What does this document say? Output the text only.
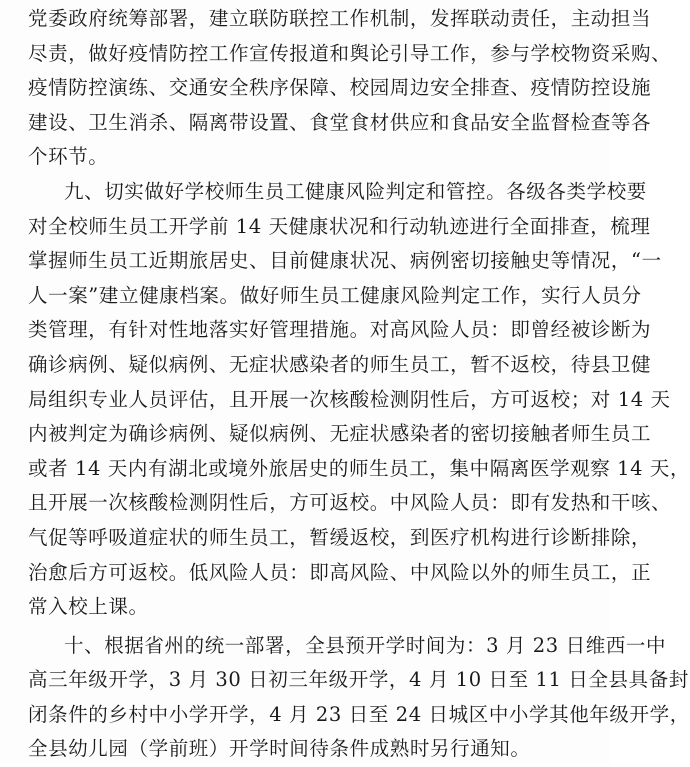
党委政府统筹部署，建立联防联控工作机制，发挥联动责任，主动担当
尽责，做好疫情防控工作宣传报道和舆论引导工作，参与学校物资采购、
疫情防控演练、交通安全秩序保障、校园周边安全排查、疫情防控设施
建设、卫生消杀、隔离带设置、食堂食材供应和食品安全监督检查等各
个环节。
九、切实做好学校师生员工健康风险判定和管控。各级各类学校要
对全校师生员工开学前 14 天健康状况和行动轨迹进行全面排查，梳理
掌握师生员工近期旅居史、目前健康状况、病例密切接触史等情况，“一
人一案”建立健康档案。做好师生员工健康风险判定工作，实行人员分
类管理，有针对性地落实好管理措施。对高风险人员：即曾经被诊断为
确诊病例、疑似病例、无症状感染者的师生员工，暂不返校，待县卫健
局组织专业人员评估，且开展一次核酸检测阴性后，方可返校；对 14 天
内被判定为确诊病例、疑似病例、无症状感染者的密切接触者师生员工
或者 14 天内有湖北或境外旅居史的师生员工，集中隔离医学观察 14 天，
且开展一次核酸检测阴性后，方可返校。中风险人员：即有发热和干咳、
气促等呼吸道症状的师生员工，暂缓返校，到医疗机构进行诊断排除，
治愈后方可返校。低风险人员：即高风险、中风险以外的师生员工，正
常入校上课。
十、根据省州的统一部署，全县预开学时间为：3 月 23 日维西一中
高三年级开学，3 月 30 日初三年级开学，4 月 10 日至 11 日全县具备封
闭条件的乡村中小学开学，4 月 23 日至 24 日城区中小学其他年级开学，
全县幼儿园（学前班）开学时间待条件成熟时另行通知。
